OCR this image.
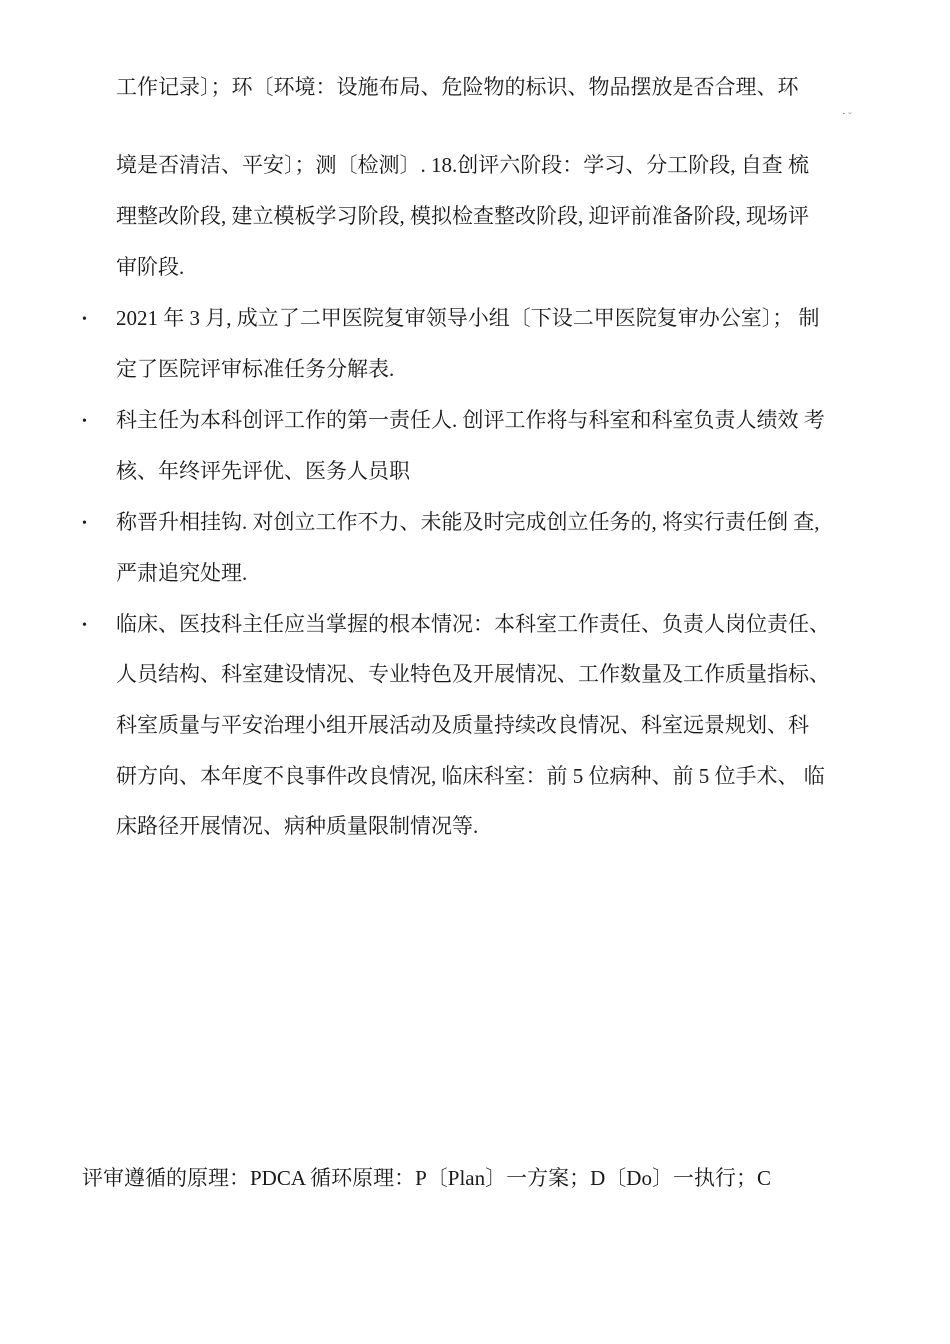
工作记录〕；环〔环境：设施布局、危险物的标识、物品摆放是否合理、环
· ᵕ
境是否清洁、平安〕；测〔检测〕. 18.创评六阶段：学习、分工阶段, 自查 梳
理整改阶段, 建立模板学习阶段, 模拟检查整改阶段, 迎评前准备阶段, 现场评
审阶段.
• 2021 年 3 月, 成立了二甲医院复审领导小组〔下设二甲医院复审办公室〕； 制
定了医院评审标准任务分解表.
• 科主任为本科创评工作的第一责任人. 创评工作将与科室和科室负责人绩效 考
核、年终评先评优、医务人员职
• 称晋升相挂钩. 对创立工作不力、未能及时完成创立任务的, 将实行责任倒 查,
严肃追究处理.
• 临床、医技科主任应当掌握的根本情况：本科室工作责任、负责人岗位责任、
人员结构、科室建设情况、专业特色及开展情况、工作数量及工作质量指标、
科室质量与平安治理小组开展活动及质量持续改良情况、科室远景规划、科
研方向、本年度不良事件改良情况, 临床科室：前 5 位病种、前 5 位手术、 临
床路径开展情况、病种质量限制情况等.
评审遵循的原理：PDCA 循环原理：P〔Plan〕一方案；D〔Do〕一执行；C
